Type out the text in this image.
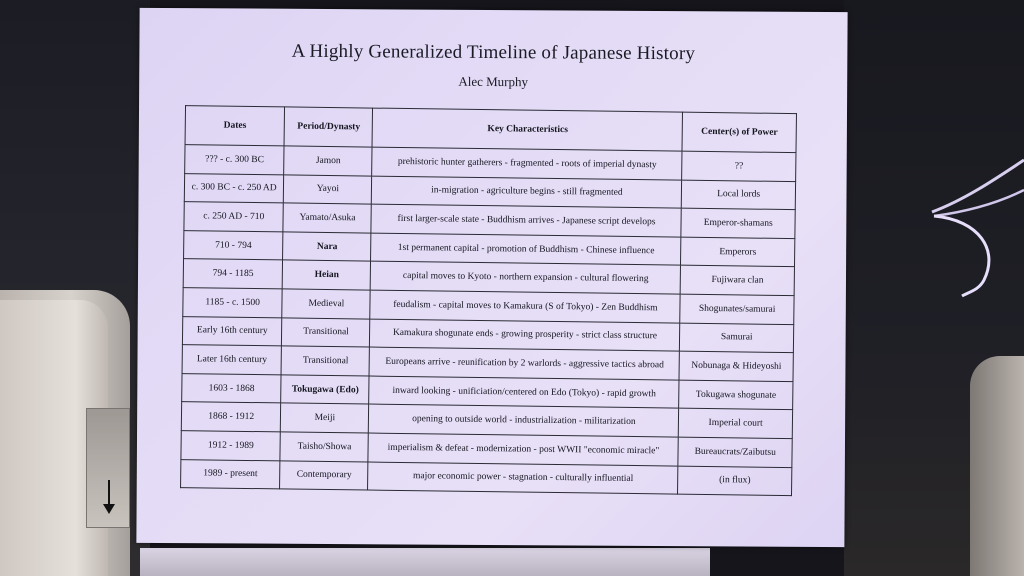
A Highly Generalized Timeline of Japanese History
Alec Murphy
Dates	Period/Dynasty	Key Characteristics	Center(s) of Power
??? - c. 300 BC	Jamon	prehistoric hunter gatherers - fragmented - roots of imperial dynasty	??
c. 300 BC - c. 250 AD	Yayoi	in-migration - agriculture begins - still fragmented	Local lords
c. 250 AD - 710	Yamato/Asuka	first larger-scale state - Buddhism arrives - Japanese script develops	Emperor-shamans
710 - 794	Nara	1st permanent capital - promotion of Buddhism - Chinese influence	Emperors
794 - 1185	Heian	capital moves to Kyoto - northern expansion - cultural flowering	Fujiwara clan
1185 - c. 1500	Medieval	feudalism - capital moves to Kamakura (S of Tokyo) - Zen Buddhism	Shogunates/samurai
Early 16th century	Transitional	Kamakura shogunate ends - growing prosperity - strict class structure	Samurai
Later 16th century	Transitional	Europeans arrive - reunification by 2 warlords - aggressive tactics abroad	Nobunaga & Hideyoshi
1603 - 1868	Tokugawa (Edo)	inward looking - unificiation/centered on Edo (Tokyo) - rapid growth	Tokugawa shogunate
1868 - 1912	Meiji	opening to outside world - industrialization - militarization	Imperial court
1912 - 1989	Taisho/Showa	imperialism & defeat - modernization - post WWII "economic miracle"	Bureaucrats/Zaibutsu
1989 - present	Contemporary	major economic power - stagnation - culturally influential	(in flux)
